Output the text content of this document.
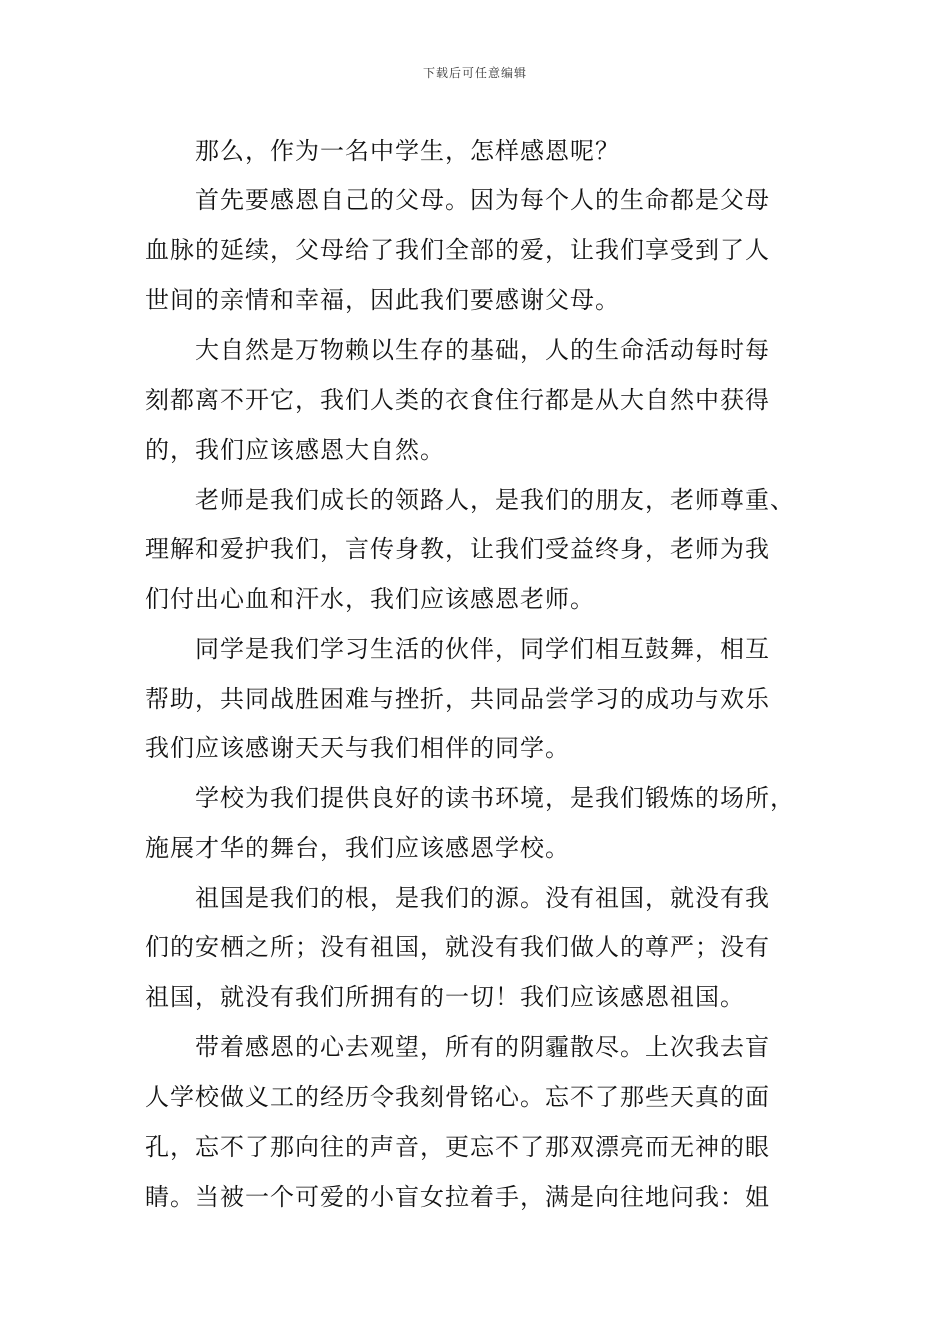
下载后可任意编辑
那么，作为一名中学生，怎样感恩呢？
首先要感恩自己的父母。因为每个人的生命都是父母
血脉的延续，父母给了我们全部的爱，让我们享受到了人
世间的亲情和幸福，因此我们要感谢父母。
大自然是万物赖以生存的基础，人的生命活动每时每
刻都离不开它，我们人类的衣食住行都是从大自然中获得
的，我们应该感恩大自然。
老师是我们成长的领路人，是我们的朋友，老师尊重、
理解和爱护我们，言传身教，让我们受益终身，老师为我
们付出心血和汗水，我们应该感恩老师。
同学是我们学习生活的伙伴，同学们相互鼓舞，相互
帮助，共同战胜困难与挫折，共同品尝学习的成功与欢乐
我们应该感谢天天与我们相伴的同学。
学校为我们提供良好的读书环境，是我们锻炼的场所，
施展才华的舞台，我们应该感恩学校。
祖国是我们的根，是我们的源。没有祖国，就没有我
们的安栖之所；没有祖国，就没有我们做人的尊严；没有
祖国，就没有我们所拥有的一切！我们应该感恩祖国。
带着感恩的心去观望，所有的阴霾散尽。上次我去盲
人学校做义工的经历令我刻骨铭心。忘不了那些天真的面
孔，忘不了那向往的声音，更忘不了那双漂亮而无神的眼
睛。当被一个可爱的小盲女拉着手，满是向往地问我：姐
